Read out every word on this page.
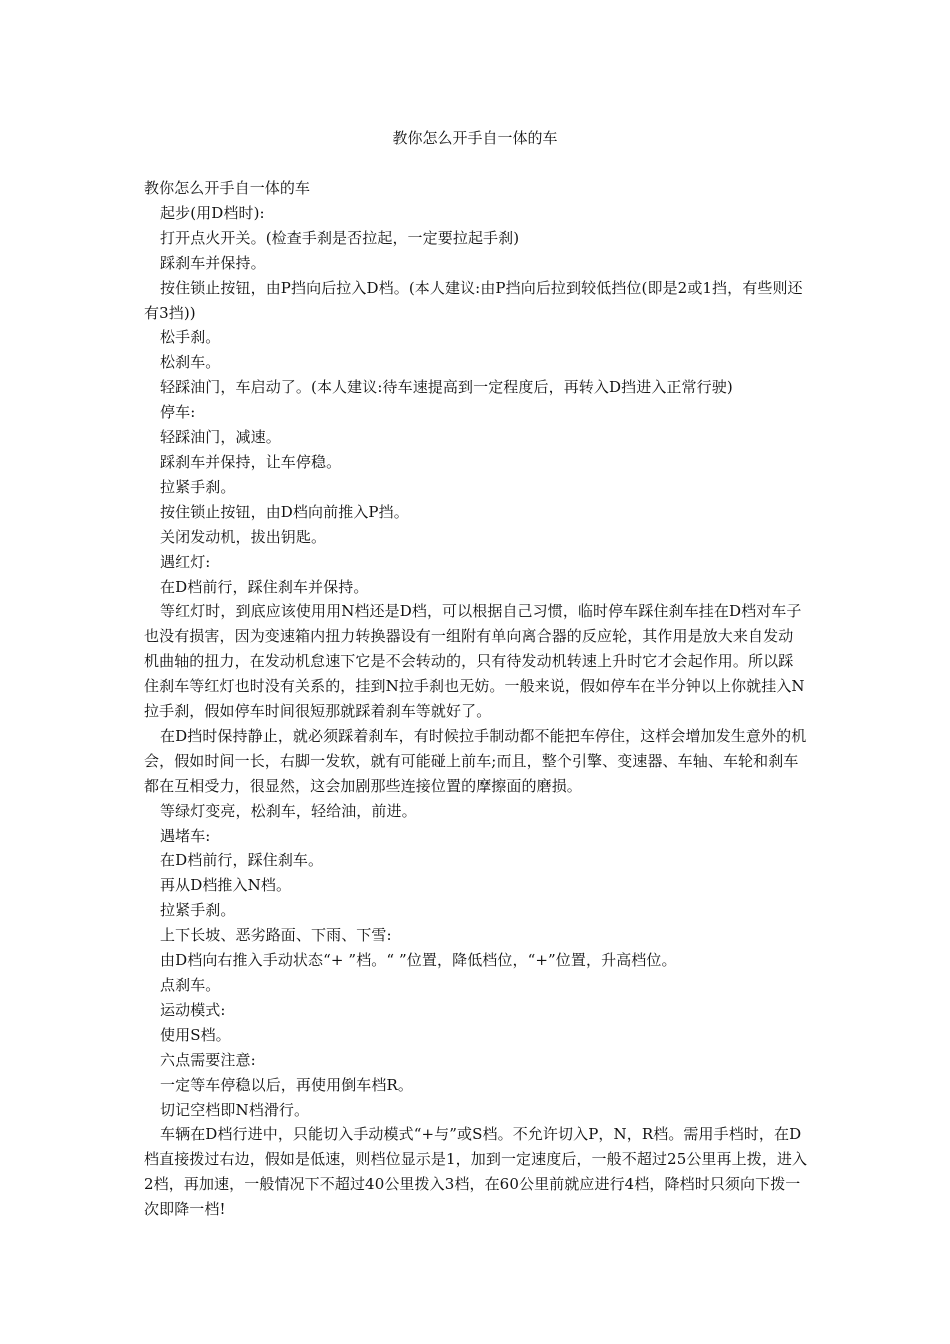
教你怎么开手自一体的车

教你怎么开手自一体的车

起步(用D档时):

打开点火开关。(检查手刹是否拉起，一定要拉起手刹)

踩刹车并保持。

按住锁止按钮，由P挡向后拉入D档。(本人建议:由P挡向后拉到较低挡位(即是2或1挡，有些则还有3挡))

松手刹。

松刹车。

轻踩油门，车启动了。(本人建议:待车速提高到一定程度后，再转入D挡进入正常行驶)

停车:

轻踩油门，减速。

踩刹车并保持，让车停稳。

拉紧手刹。

按住锁止按钮，由D档向前推入P挡。

关闭发动机，拔出钥匙。

遇红灯:

在D档前行，踩住刹车并保持。

等红灯时，到底应该使用用N档还是D档，可以根据自己习惯，临时停车踩住刹车挂在D档对车子也没有损害，因为变速箱内扭力转换器设有一组附有单向离合器的反应轮，其作用是放大来自发动机曲轴的扭力，在发动机怠速下它是不会转动的，只有待发动机转速上升时它才会起作用。所以踩住刹车等红灯也时没有关系的，挂到N拉手刹也无妨。一般来说，假如停车在半分钟以上你就挂入N拉手刹，假如停车时间很短那就踩着刹车等就好了。

在D挡时保持静止，就必须踩着刹车，有时候拉手制动都不能把车停住，这样会增加发生意外的机会，假如时间一长，右脚一发软，就有可能碰上前车;而且，整个引擎、变速器、车轴、车轮和刹车都在互相受力，很显然，这会加剧那些连接位置的摩擦面的磨损。

等绿灯变亮，松刹车，轻给油，前进。

遇堵车:

在D档前行，踩住刹车。

再从D档推入N档。

拉紧手刹。

上下长坡、恶劣路面、下雨、下雪:

由D档向右推入手动状态“+ ”档。“ ”位置，降低档位，“+”位置，升高档位。

点刹车。

运动模式:

使用S档。

六点需要注意:

一定等车停稳以后，再使用倒车档R。

切记空档即N档滑行。

车辆在D档行进中，只能切入手动模式“+与”或S档。不允许切入P，N，R档。需用手档时，在D档直接拨过右边，假如是低速，则档位显示是1，加到一定速度后，一般不超过25公里再上拨，进入2档，再加速，一般情况下不超过40公里拨入3档，在60公里前就应进行4档，降档时只须向下拨一次即降一档!
